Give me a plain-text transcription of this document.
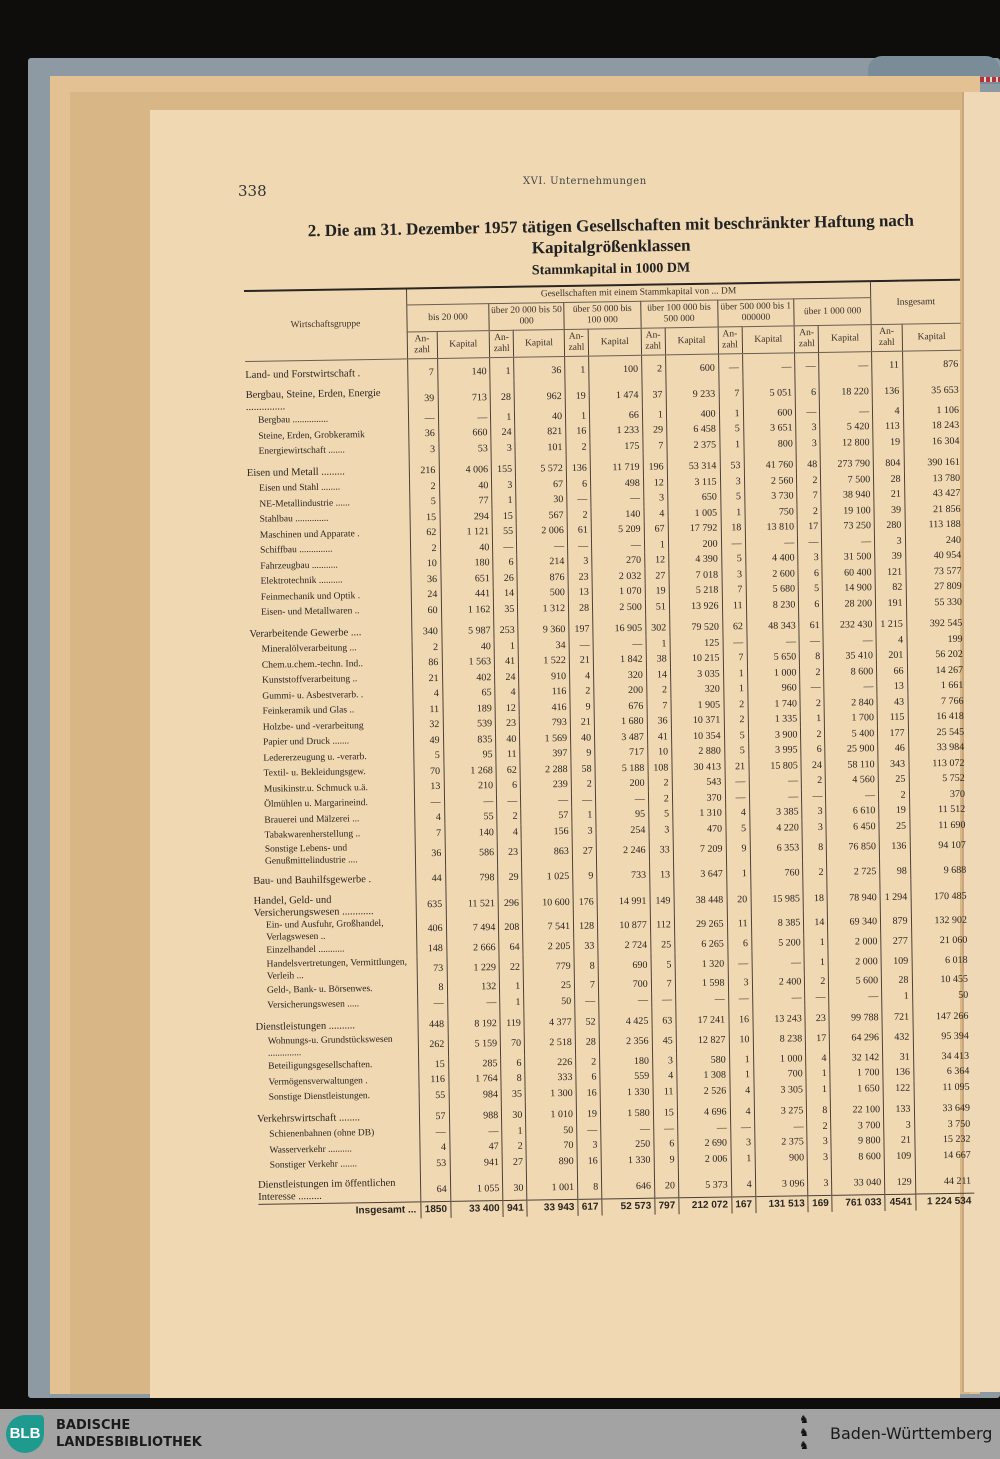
338
XVI. Unternehmungen
2. Die am 31. Dezember 1957 tätigen Gesellschaften mit beschränkter Haftung nach Kapitalgrößenklassen
Stammkapital in 1000 DM
Wirtschaftsgruppe	Gesellschaften mit einem Stammkapital von ... DM												Insgesamt	
	bis 20 000		über 20 000 bis 50 000		über 50 000 bis 100 000		über 100 000 bis 500 000		über 500 000 bis 1 000000		über 1 000 000			
	An-zahl	Kapital	An-zahl	Kapital	An-zahl	Kapital	An-zahl	Kapital	An-zahl	Kapital	An-zahl	Kapital	An-zahl	Kapital
Land- und Forstwirtschaft .	7	140	1	36	1	100	2	600	—	—	—	—	11	876
Bergbau, Steine, Erden, Energie ...............	39	713	28	962	19	1 474	37	9 233	7	5 051	6	18 220	136	35 653
Bergbau ...............	—	—	1	40	1	66	1	400	1	600	—	—	4	1 106
Steine, Erden, Grobkeramik	36	660	24	821	16	1 233	29	6 458	5	3 651	3	5 420	113	18 243
Energiewirtschaft .......	3	53	3	101	2	175	7	2 375	1	800	3	12 800	19	16 304
Eisen und Metall .........	216	4 006	155	5 572	136	11 719	196	53 314	53	41 760	48	273 790	804	390 161
Eisen und Stahl ........	2	40	3	67	6	498	12	3 115	3	2 560	2	7 500	28	13 780
NE-Metallindustrie ......	5	77	1	30	—	—	3	650	5	3 730	7	38 940	21	43 427
Stahlbau ..............	15	294	15	567	2	140	4	1 005	1	750	2	19 100	39	21 856
Maschinen und Apparate .	62	1 121	55	2 006	61	5 209	67	17 792	18	13 810	17	73 250	280	113 188
Schiffbau ..............	2	40	—	—	—	—	1	200	—	—	—	—	3	240
Fahrzeugbau ...........	10	180	6	214	3	270	12	4 390	5	4 400	3	31 500	39	40 954
Elektrotechnik ..........	36	651	26	876	23	2 032	27	7 018	3	2 600	6	60 400	121	73 577
Feinmechanik und Optik .	24	441	14	500	13	1 070	19	5 218	7	5 680	5	14 900	82	27 809
Eisen- und Metallwaren ..	60	1 162	35	1 312	28	2 500	51	13 926	11	8 230	6	28 200	191	55 330
Verarbeitende Gewerbe ....	340	5 987	253	9 360	197	16 905	302	79 520	62	48 343	61	232 430	1 215	392 545
Mineralölverarbeitung ...	2	40	1	34	—	—	1	125	—	—	—	—	4	199
Chem.u.chem.-techn. Ind..	86	1 563	41	1 522	21	1 842	38	10 215	7	5 650	8	35 410	201	56 202
Kunststoffverarbeitung ..	21	402	24	910	4	320	14	3 035	1	1 000	2	8 600	66	14 267
Gummi- u. Asbestverarb. .	4	65	4	116	2	200	2	320	1	960	—	—	13	1 661
Feinkeramik und Glas ..	11	189	12	416	9	676	7	1 905	2	1 740	2	2 840	43	7 766
Holzbe- und -verarbeitung	32	539	23	793	21	1 680	36	10 371	2	1 335	1	1 700	115	16 418
Papier und Druck .......	49	835	40	1 569	40	3 487	41	10 354	5	3 900	2	5 400	177	25 545
Ledererzeugung u. -verarb.	5	95	11	397	9	717	10	2 880	5	3 995	6	25 900	46	33 984
Textil- u. Bekleidungsgew.	70	1 268	62	2 288	58	5 188	108	30 413	21	15 805	24	58 110	343	113 072
Musikinstr.u. Schmuck u.ä.	13	210	6	239	2	200	2	543	—	—	2	4 560	25	5 752
Ölmühlen u. Margarineind.	—	—	—	—	—	—	2	370	—	—	—	—	2	370
Brauerei und Mälzerei ...	4	55	2	57	1	95	5	1 310	4	3 385	3	6 610	19	11 512
Tabakwarenherstellung ..	7	140	4	156	3	254	3	470	5	4 220	3	6 450	25	11 690
Sonstige Lebens- und Genußmittelindustrie ....	36	586	23	863	27	2 246	33	7 209	9	6 353	8	76 850	136	94 107
Bau- und Bauhilfsgewerbe .	44	798	29	1 025	9	733	13	3 647	1	760	2	2 725	98	9 688
Handel, Geld- und Versicherungswesen ............	635	11 521	296	10 600	176	14 991	149	38 448	20	15 985	18	78 940	1 294	170 485
Ein- und Ausfuhr, Großhandel, Verlagswesen ..	406	7 494	208	7 541	128	10 877	112	29 265	11	8 385	14	69 340	879	132 902
Einzelhandel ...........	148	2 666	64	2 205	33	2 724	25	6 265	6	5 200	1	2 000	277	21 060
Handelsvertretungen, Vermittlungen, Verleih ...	73	1 229	22	779	8	690	5	1 320	—	—	1	2 000	109	6 018
Geld-, Bank- u. Börsenwes.	8	132	1	25	7	700	7	1 598	3	2 400	2	5 600	28	10 455
Versicherungswesen .....	—	—	1	50	—	—	—	—	—	—	—	—	1	50
Dienstleistungen ..........	448	8 192	119	4 377	52	4 425	63	17 241	16	13 243	23	99 788	721	147 266
Wohnungs-u. Grundstückswesen ..............	262	5 159	70	2 518	28	2 356	45	12 827	10	8 238	17	64 296	432	95 394
Beteiligungsgesellschaften.	15	285	6	226	2	180	3	580	1	1 000	4	32 142	31	34 413
Vermögensverwaltungen .	116	1 764	8	333	6	559	4	1 308	1	700	1	1 700	136	6 364
Sonstige Dienstleistungen.	55	984	35	1 300	16	1 330	11	2 526	4	3 305	1	1 650	122	11 095
Verkehrswirtschaft ........	57	988	30	1 010	19	1 580	15	4 696	4	3 275	8	22 100	133	33 649
Schienenbahnen (ohne DB)	—	—	1	50	—	—	—	—	—	—	2	3 700	3	3 750
Wasserverkehr ..........	4	47	2	70	3	250	6	2 690	3	2 375	3	9 800	21	15 232
Sonstiger Verkehr .......	53	941	27	890	16	1 330	9	2 006	1	900	3	8 600	109	14 667
Dienstleistungen im öffentlichen Interesse .........	64	1 055	30	1 001	8	646	20	5 373	4	3 096	3	33 040	129	44 211
Insgesamt ...	1850	33 400	941	33 943	617	52 573	797	212 072	167	131 513	169	761 033	4541	1 224 534
BLB BADISCHE
LANDESBIBLIOTHEK
♞
♞
♞
Baden-Württemberg
